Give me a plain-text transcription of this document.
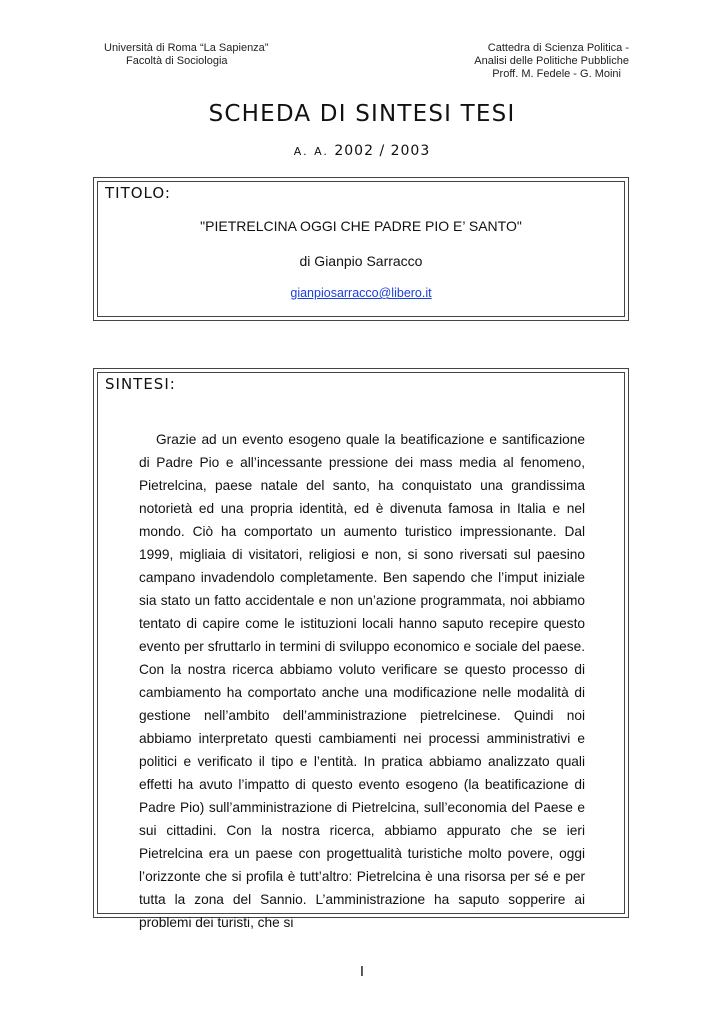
Università di Roma “La Sapienza”
Facoltà di Sociologia
Cattedra di Scienza Politica -
Analisi delle Politiche Pubbliche
Proff. M. Fedele - G. Moini
SCHEDA DI SINTESI TESI
A. A. 2002 / 2003
TITOLO:
"PIETRELCINA OGGI CHE PADRE PIO E’ SANTO"
di Gianpio Sarracco
gianpiosarracco@libero.it
SINTESI:
Grazie ad un evento esogeno quale la beatificazione e santificazione di Padre Pio e all’incessante pressione dei mass media al fenomeno, Pietrelcina, paese natale del santo, ha conquistato una grandissima notorietà ed una propria identità, ed è divenuta famosa in Italia e nel mondo. Ciò ha comportato un aumento turistico impressionante. Dal 1999, migliaia di visitatori, religiosi e non, si sono riversati sul paesino campano invadendolo completamente. Ben sapendo che l’imput iniziale sia stato un fatto accidentale e non un’azione programmata, noi abbiamo tentato di capire come le istituzioni locali hanno saputo recepire questo evento per sfruttarlo in termini di sviluppo economico e sociale del paese. Con la nostra ricerca abbiamo voluto verificare se questo processo di cambiamento ha comportato anche una modificazione nelle modalità di gestione nell’ambito dell’amministrazione pietrelcinese. Quindi noi abbiamo interpretato questi cambiamenti nei processi amministrativi e politici e verificato il tipo e l’entità. In pratica abbiamo analizzato quali effetti ha avuto l’impatto di questo evento esogeno (la beatificazione di Padre Pio) sull’amministrazione di Pietrelcina, sull’economia del Paese e sui cittadini. Con la nostra ricerca, abbiamo appurato che se ieri Pietrelcina era un paese con progettualità turistiche molto povere, oggi l’orizzonte che si profila è tutt’altro: Pietrelcina è una risorsa per sé e per tutta la zona del Sannio. L’amministrazione ha saputo sopperire ai problemi dei turisti, che si
I
